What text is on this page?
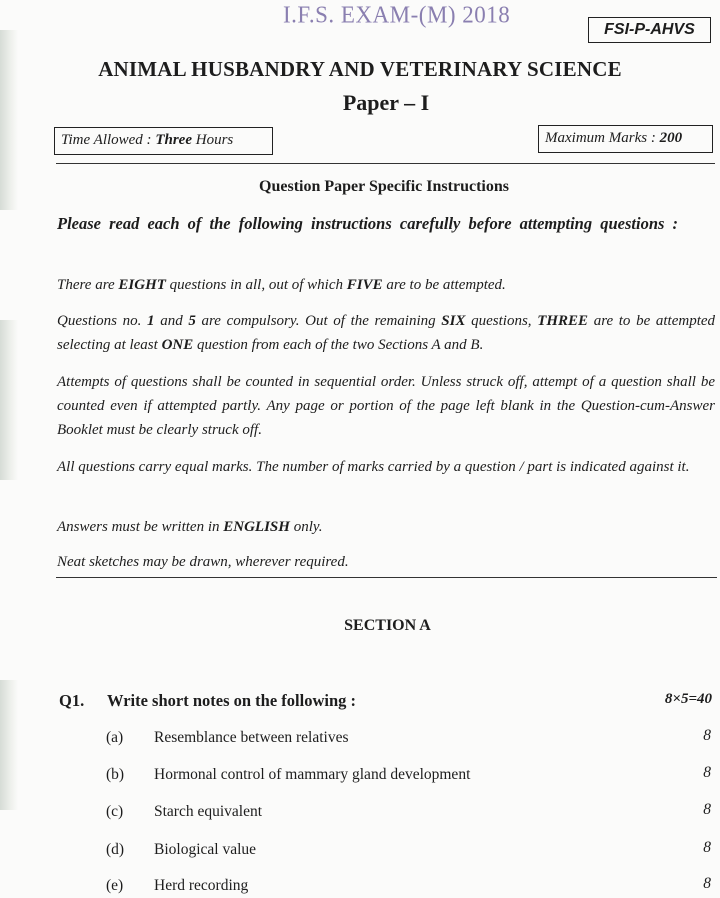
I.F.S. EXAM-(M) 2018
FSI-P-AHVS
ANIMAL HUSBANDRY AND VETERINARY SCIENCE
Paper – I
Time Allowed : Three Hours	Maximum Marks : 200
Question Paper Specific Instructions
Please read each of the following instructions carefully before attempting questions :
There are EIGHT questions in all, out of which FIVE are to be attempted.
Questions no. 1 and 5 are compulsory. Out of the remaining SIX questions, THREE are to be attempted selecting at least ONE question from each of the two Sections A and B.
Attempts of questions shall be counted in sequential order. Unless struck off, attempt of a question shall be counted even if attempted partly. Any page or portion of the page left blank in the Question-cum-Answer Booklet must be clearly struck off.
All questions carry equal marks. The number of marks carried by a question / part is indicated against it.
Answers must be written in ENGLISH only.
Neat sketches may be drawn, wherever required.
SECTION A
Q1. Write short notes on the following :	8×5=40
(a) Resemblance between relatives	8
(b) Hormonal control of mammary gland development	8
(c) Starch equivalent	8
(d) Biological value	8
(e) Herd recording	8
